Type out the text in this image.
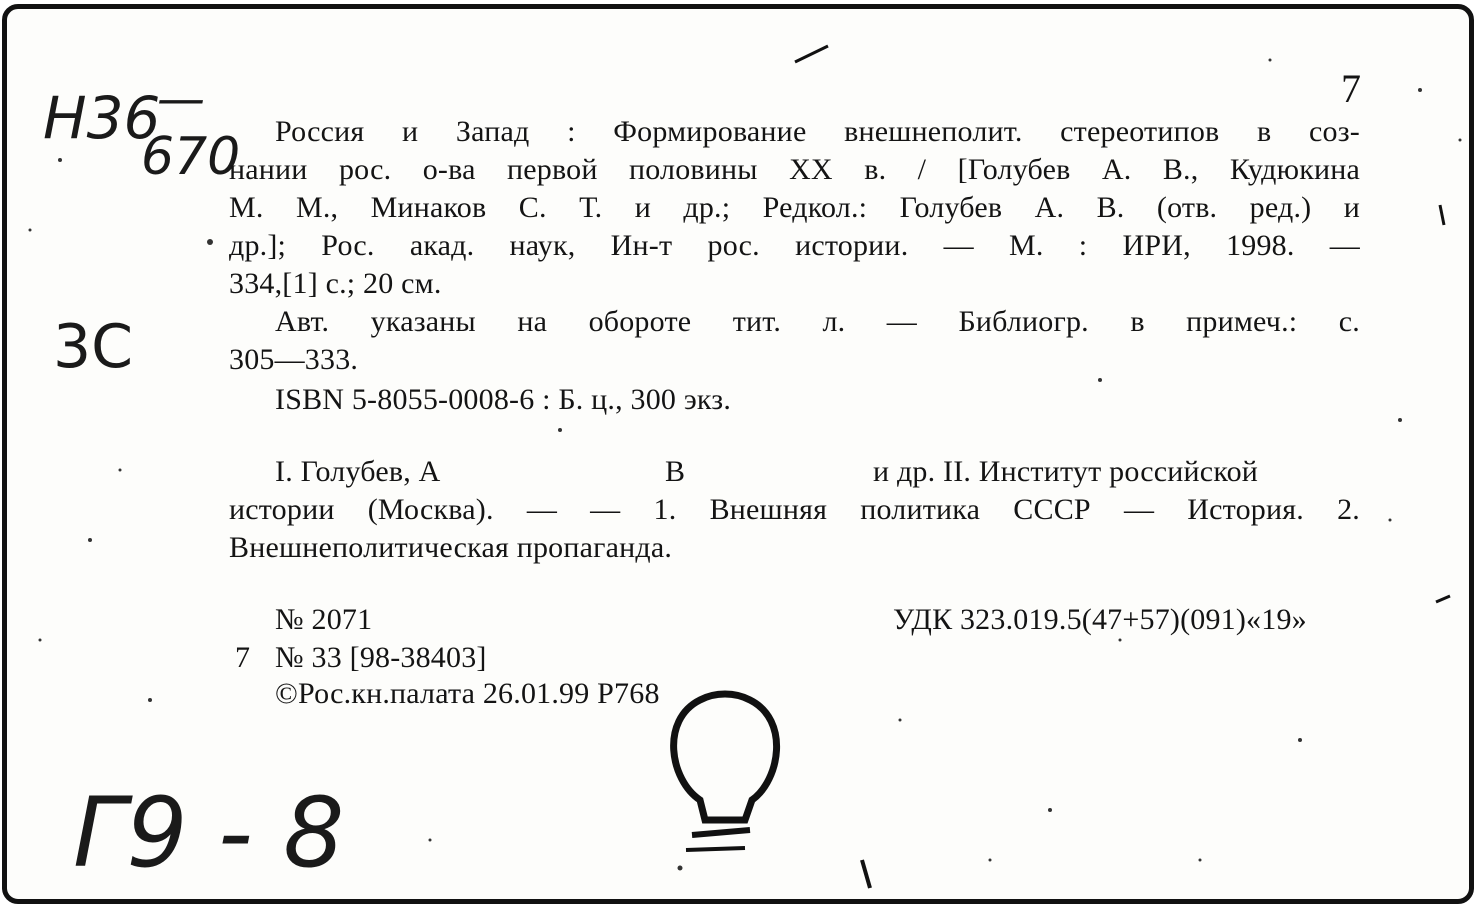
7
Н36
—
670
3С
Г9 - 8
Россия и Запад : Формирование внешнеполит. стереотипов в соз-
нании рос. о-ва первой половины XX в. / [Голубев А. В., Кудюкина
М. М., Минаков С. Т. и др.; Редкол.: Голубев А. В. (отв. ред.) и
др.]; Рос. акад. наук, Ин-т рос. истории. — М. : ИРИ, 1998. —
334,[1] с.; 20 см.
Авт. указаны на обороте тит. л. — Библиогр. в примеч.: с.
305—333.
ISBN 5-8055-0008-6 : Б. ц., 300 экз.
I. Голубев, А	В	и др. II. Институт российской
истории (Москва). — — 1. Внешняя политика СССР — История. 2.
Внешнеполитическая пропаганда.
№ 2071	УДК 323.019.5(47+57)(091)«19»
7 № 33 [98-38403]
©Рос.кн.палата 26.01.99 Р768
